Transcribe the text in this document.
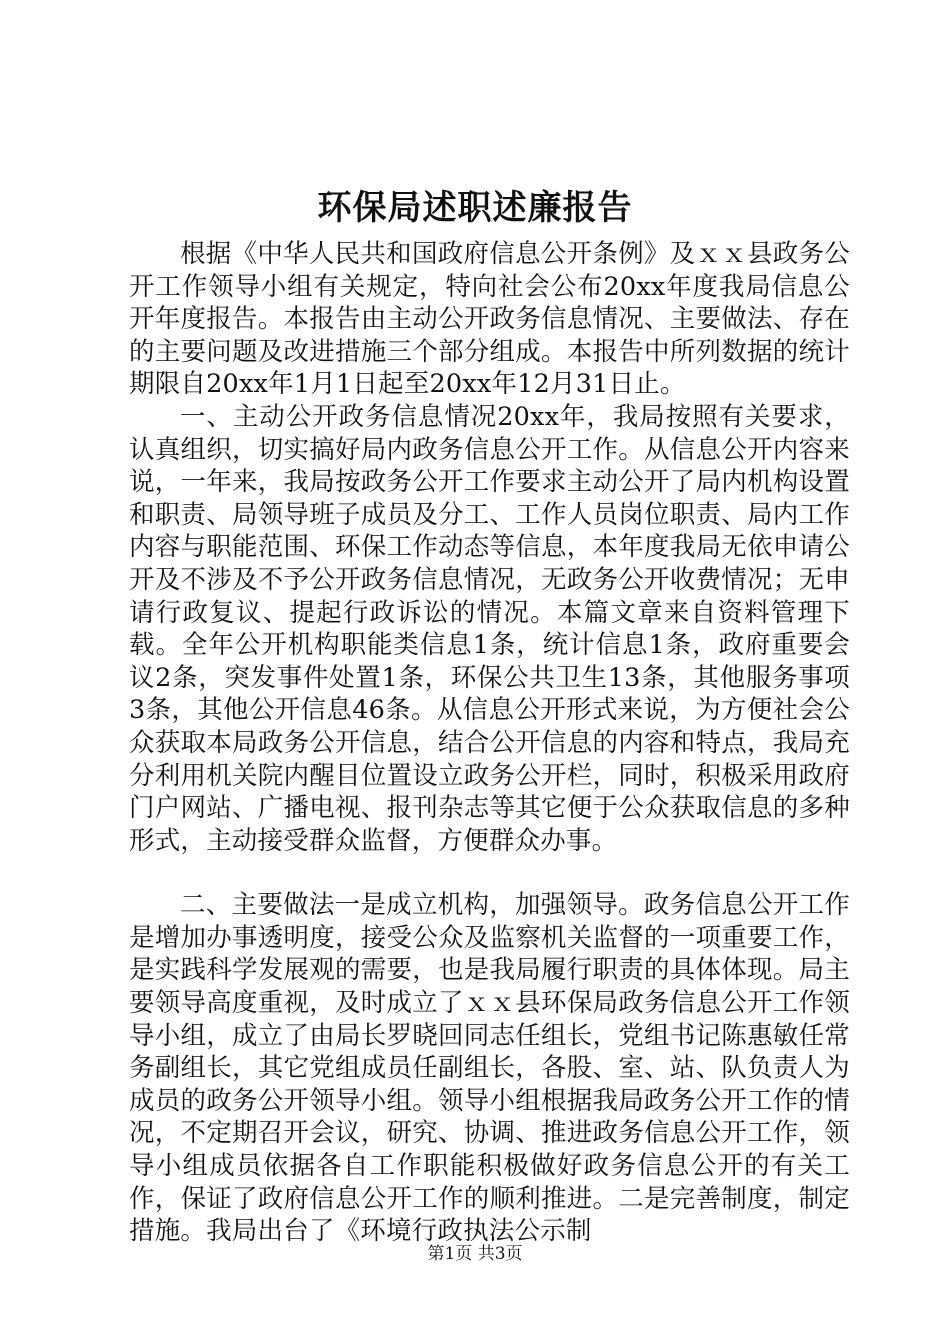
环保局述职述廉报告

根据《中华人民共和国政府信息公开条例》及ｘｘ县政务公开工作领导小组有关规定，特向社会公布20xx年度我局信息公开年度报告。本报告由主动公开政务信息情况、主要做法、存在的主要问题及改进措施三个部分组成。本报告中所列数据的统计期限自20xx年1月1日起至20xx年12月31日止。

一、主动公开政务信息情况20xx年，我局按照有关要求，认真组织，切实搞好局内政务信息公开工作。从信息公开内容来说，一年来，我局按政务公开工作要求主动公开了局内机构设置和职责、局领导班子成员及分工、工作人员岗位职责、局内工作内容与职能范围、环保工作动态等信息，本年度我局无依申请公开及不涉及不予公开政务信息情况，无政务公开收费情况；无申请行政复议、提起行政诉讼的情况。本篇文章来自资料管理下载。全年公开机构职能类信息1条，统计信息1条，政府重要会议2条，突发事件处置1条，环保公共卫生13条，其他服务事项3条，其他公开信息46条。从信息公开形式来说，为方便社会公众获取本局政务公开信息，结合公开信息的内容和特点，我局充分利用机关院内醒目位置设立政务公开栏，同时，积极采用政府门户网站、广播电视、报刊杂志等其它便于公众获取信息的多种形式，主动接受群众监督，方便群众办事。

二、主要做法一是成立机构，加强领导。政务信息公开工作是增加办事透明度，接受公众及监察机关监督的一项重要工作，是实践科学发展观的需要，也是我局履行职责的具体体现。局主要领导高度重视，及时成立了ｘｘ县环保局政务信息公开工作领导小组，成立了由局长罗晓回同志任组长，党组书记陈惠敏任常务副组长，其它党组成员任副组长，各股、室、站、队负责人为成员的政务公开领导小组。领导小组根据我局政务公开工作的情况，不定期召开会议，研究、协调、推进政务信息公开工作，领导小组成员依据各自工作职能积极做好政务信息公开的有关工作，保证了政府信息公开工作的顺利推进。二是完善制度，制定措施。我局出台了《环境行政执法公示制

第1页 共3页
